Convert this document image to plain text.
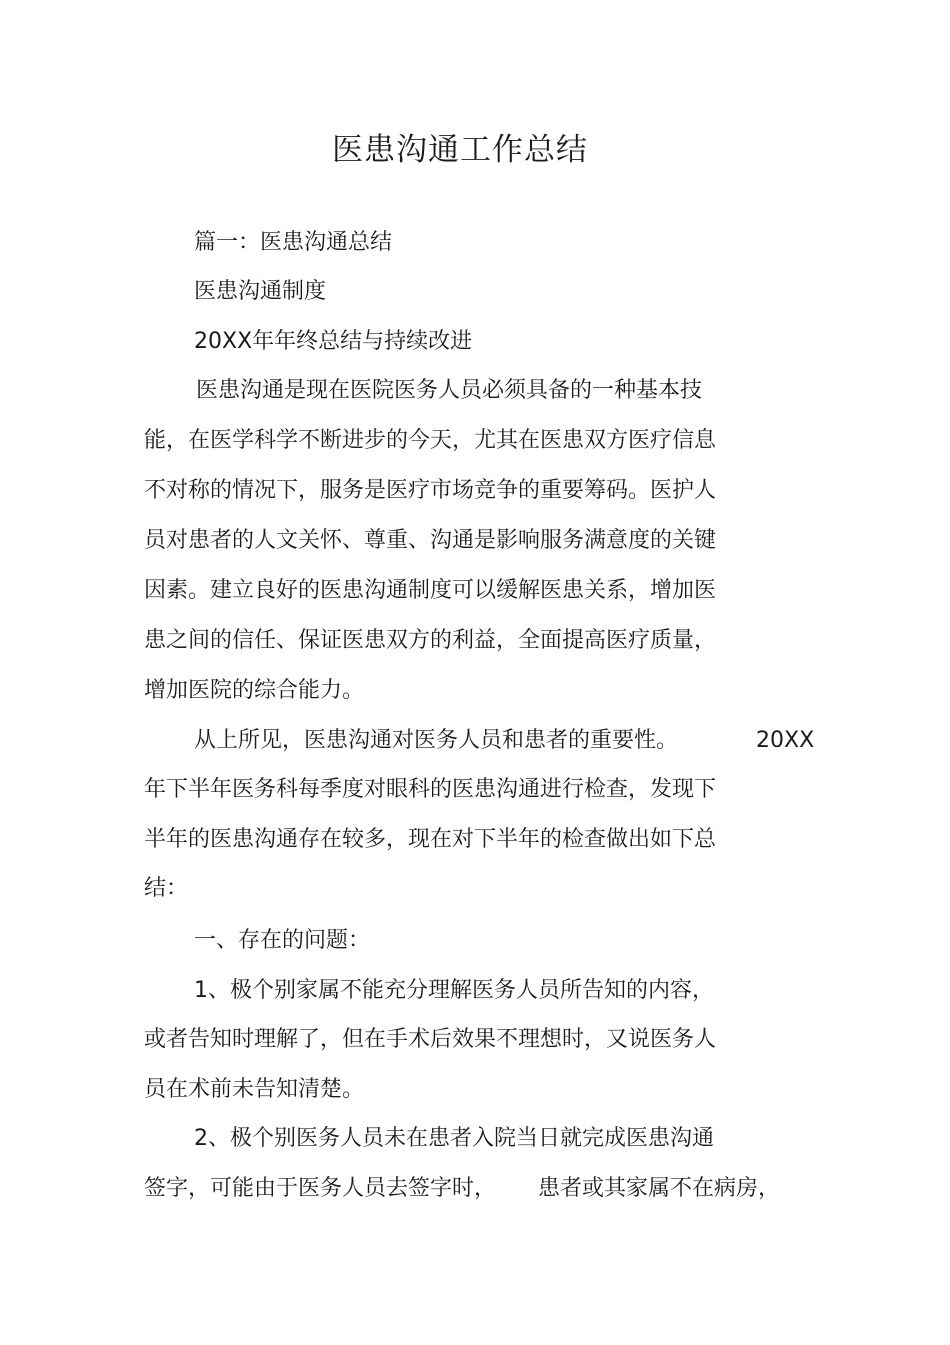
医患沟通工作总结
篇一：医患沟通总结
医患沟通制度
20XX年年终总结与持续改进
医患沟通是现在医院医务人员必须具备的一种基本技
能，在医学科学不断进步的今天，尤其在医患双方医疗信息
不对称的情况下，服务是医疗市场竞争的重要筹码。医护人
员对患者的人文关怀、尊重、沟通是影响服务满意度的关键
因素。建立良好的医患沟通制度可以缓解医患关系，增加医
患之间的信任、保证医患双方的利益，全面提高医疗质量，
增加医院的综合能力。
从上所见，医患沟通对医务人员和患者的重要性。	20XX
年下半年医务科每季度对眼科的医患沟通进行检查，发现下
半年的医患沟通存在较多，现在对下半年的检查做出如下总
结：
一、存在的问题：
1、极个别家属不能充分理解医务人员所告知的内容，
或者告知时理解了，但在手术后效果不理想时，又说医务人
员在术前未告知清楚。
2、极个别医务人员未在患者入院当日就完成医患沟通
签字，可能由于医务人员去签字时， 患者或其家属不在病房，
